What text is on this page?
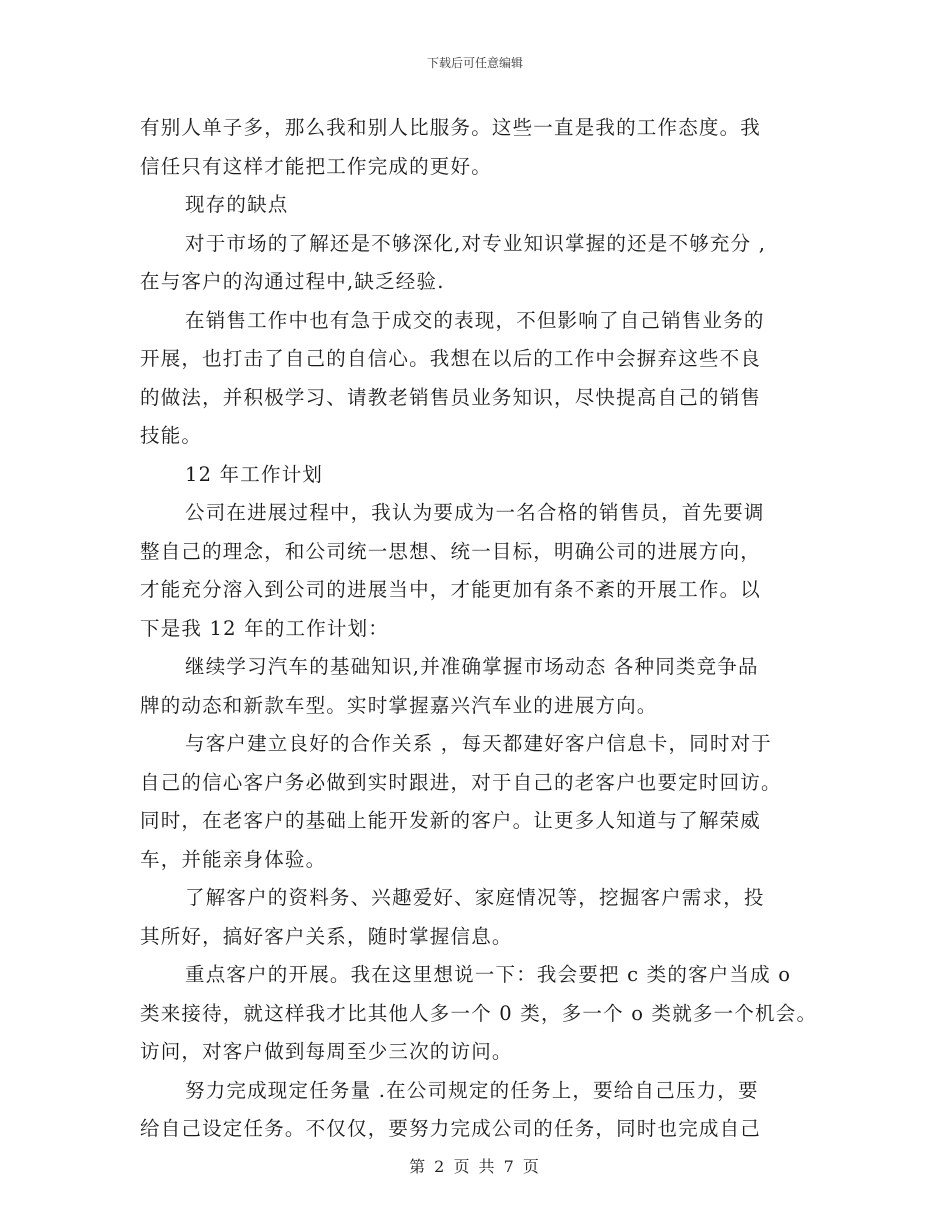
下载后可任意编辑
有别人单子多，那么我和别人比服务。这些一直是我的工作态度。我
信任只有这样才能把工作完成的更好。
现存的缺点
对于市场的了解还是不够深化,对专业知识掌握的还是不够充分 ,
在与客户的沟通过程中,缺乏经验.
在销售工作中也有急于成交的表现，不但影响了自己销售业务的
开展，也打击了自己的自信心。我想在以后的工作中会摒弃这些不良
的做法，并积极学习、请教老销售员业务知识，尽快提高自己的销售
技能。
12 年工作计划
公司在进展过程中，我认为要成为一名合格的销售员，首先要调
整自己的理念，和公司统一思想、统一目标，明确公司的进展方向，
才能充分溶入到公司的进展当中，才能更加有条不紊的开展工作。以
下是我 12 年的工作计划：
继续学习汽车的基础知识,并准确掌握市场动态 各种同类竞争品
牌的动态和新款车型。实时掌握嘉兴汽车业的进展方向。
与客户建立良好的合作关系 ，每天都建好客户信息卡，同时对于
自己的信心客户务必做到实时跟进，对于自己的老客户也要定时回访。
同时，在老客户的基础上能开发新的客户。让更多人知道与了解荣威
车，并能亲身体验。
了解客户的资料务、兴趣爱好、家庭情况等，挖掘客户需求，投
其所好，搞好客户关系，随时掌握信息。
重点客户的开展。我在这里想说一下：我会要把 c 类的客户当成 o
类来接待，就这样我才比其他人多一个 0 类，多一个 o 类就多一个机会。
访问，对客户做到每周至少三次的访问。
努力完成现定任务量 .在公司规定的任务上，要给自己压力，要
给自己设定任务。不仅仅，要努力完成公司的任务，同时也完成自己
第 2 页 共 7 页
